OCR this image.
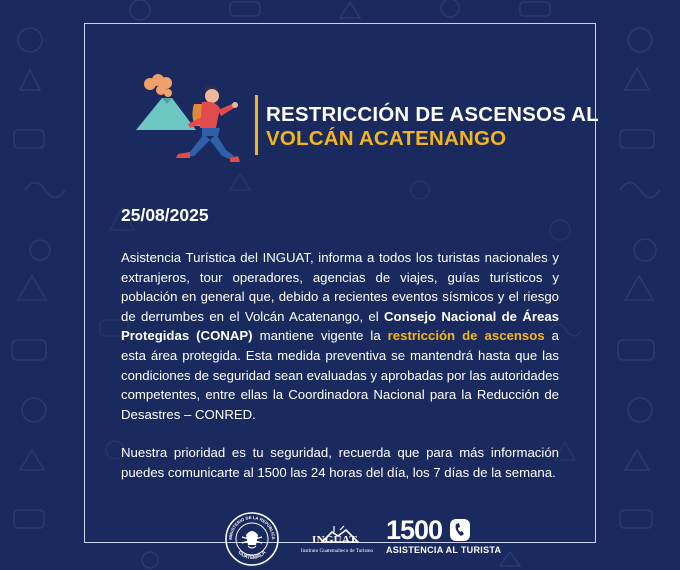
RESTRICCIÓN DE ASCENSOS AL
VOLCÁN ACATENANGO
25/08/2025

Asistencia Turística del INGUAT, informa a todos los turistas nacionales y extranjeros, tour operadores, agencias de viajes, guías turísticos y población en general que, debido a recientes eventos sísmicos y el riesgo de derrumbes en el Volcán Acatenango, el Consejo Nacional de Áreas Protegidas (CONAP) mantiene vigente la restricción de ascensos a esta área protegida. Esta medida preventiva se mantendrá hasta que las condiciones de seguridad sean evaluadas y aprobadas por las autoridades competentes, entre ellas la Coordinadora Nacional para la Reducción de Desastres – CONRED.

Nuestra prioridad es tu seguridad, recuerda que para más información puedes comunicarte al 1500 las 24 horas del día, los 7 días de la semana.

MINISTERIO DE LA REPÚBLICA
GUATEMALA
INGUAT
Instituto Guatemalteco de Turismo
1500
ASISTENCIA AL TURISTA
